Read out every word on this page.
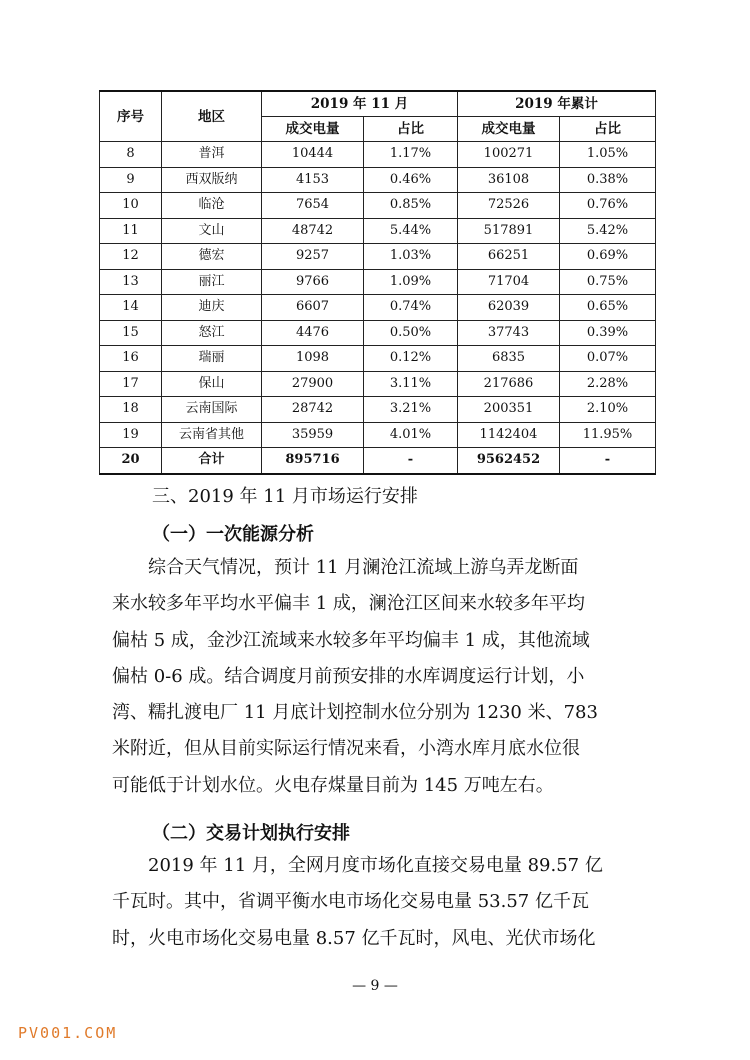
序号	地区	2019 年 11 月		2019 年累计	
		成交电量	占比	成交电量	占比
8	普洱	10444	1.17%	100271	1.05%
9	西双版纳	4153	0.46%	36108	0.38%
10	临沧	7654	0.85%	72526	0.76%
11	文山	48742	5.44%	517891	5.42%
12	德宏	9257	1.03%	66251	0.69%
13	丽江	9766	1.09%	71704	0.75%
14	迪庆	6607	0.74%	62039	0.65%
15	怒江	4476	0.50%	37743	0.39%
16	瑞丽	1098	0.12%	6835	0.07%
17	保山	27900	3.11%	217686	2.28%
18	云南国际	28742	3.21%	200351	2.10%
19	云南省其他	35959	4.01%	1142404	11.95%
20	合计	895716	-	9562452	-
三、2019 年 11 月市场运行安排
（一）一次能源分析

综合天气情况，预计 11 月澜沧江流域上游乌弄龙断面
来水较多年平均水平偏丰 1 成，澜沧江区间来水较多年平均
偏枯 5 成，金沙江流域来水较多年平均偏丰 1 成，其他流域
偏枯 0-6 成。结合调度月前预安排的水库调度运行计划，小
湾、糯扎渡电厂 11 月底计划控制水位分别为 1230 米、783
米附近，但从目前实际运行情况来看，小湾水库月底水位很
可能低于计划水位。火电存煤量目前为 145 万吨左右。

（二）交易计划执行安排

2019 年 11 月，全网月度市场化直接交易电量 89.57 亿
千瓦时。其中，省调平衡水电市场化交易电量 53.57 亿千瓦
时，火电市场化交易电量 8.57 亿千瓦时，风电、光伏市场化

— 9 —
PV001.COM
